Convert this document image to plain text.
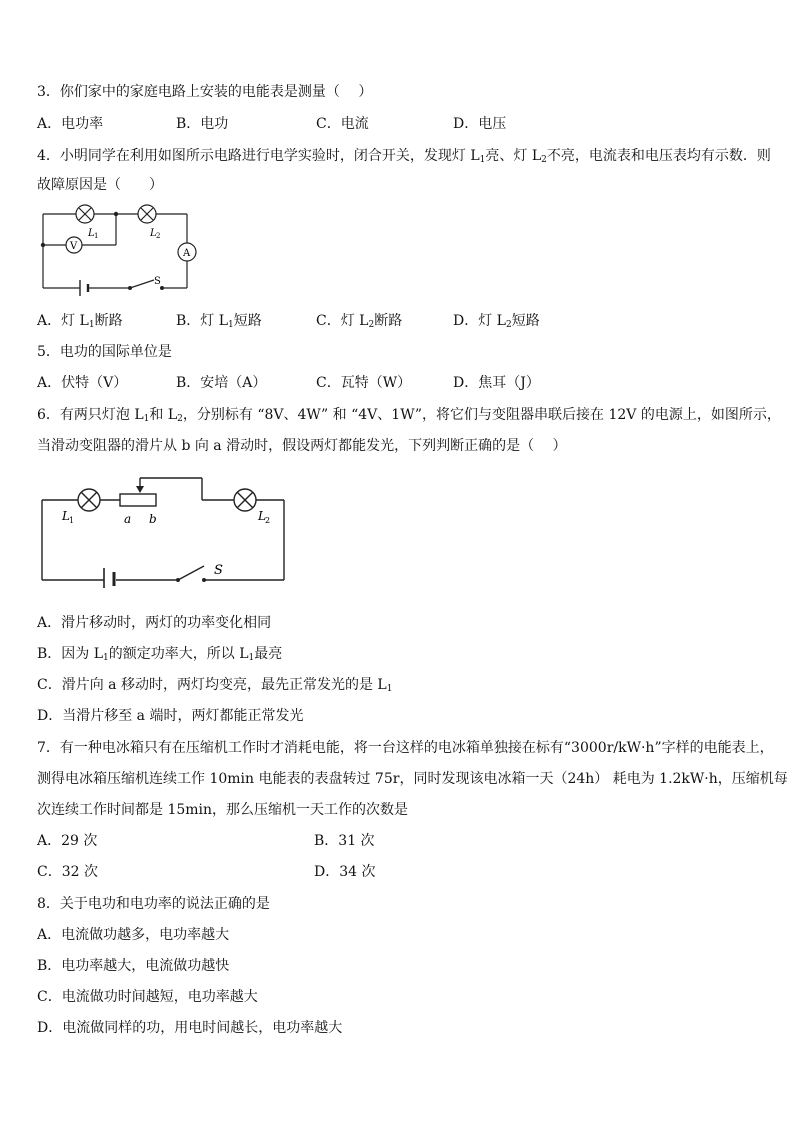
3．你们家中的家庭电路上安装的电能表是测量（　 ）
A．电功率	B．电功	C．电流	D．电压
4．小明同学在利用如图所示电路进行电学实验时，闭合开关，发现灯 $L_1$亮、灯 $L_2$不亮，电流表和电压表均有示数．则
故障原因是（　　）
V
A
L 1	L 2
S
A．灯 $L_1$断路	B．灯 $L_1$短路	C．灯 $L_2$断路	D．灯 $L_2$短路
5．电功的国际单位是
A．伏特（V）	B．安培（A）	C．瓦特（W）	D．焦耳（J）
6．有两只灯泡 $L_1$和 $L_2$，分别标有 “8V、4W” 和 “4V、1W”，将它们与变阻器串联后接在 12V 的电源上，如图所示，
当滑动变阻器的滑片从 b 向 a 滑动时，假设两灯都能发光，下列判断正确的是（　 ）
L 1	a b	L 2
S
A．滑片移动时，两灯的功率变化相同
B．因为 $L_1$的额定功率大，所以 $L_1$最亮
C．滑片向 a 移动时，两灯均变亮，最先正常发光的是 $L_1$
D．当滑片移至 a 端时，两灯都能正常发光
7．有一种电冰箱只有在压缩机工作时才消耗电能，将一台这样的电冰箱单独接在标有“3000r/kW·h”字样的电能表上，
测得电冰箱压缩机连续工作 10min 电能表的表盘转过 75r，同时发现该电冰箱一天（24h） 耗电为 1.2kW·h，压缩机每
次连续工作时间都是 15min，那么压缩机一天工作的次数是
A．29 次	B．31 次
C．32 次	D．34 次
8．关于电功和电功率的说法正确的是
A．电流做功越多，电功率越大
B．电功率越大，电流做功越快
C．电流做功时间越短，电功率越大
D．电流做同样的功，用电时间越长，电功率越大
